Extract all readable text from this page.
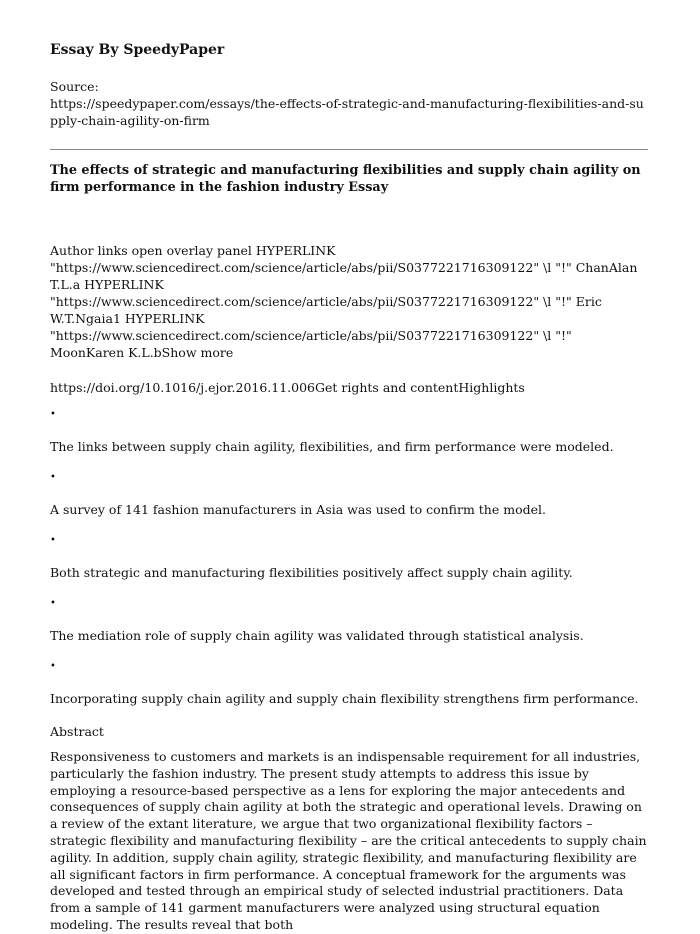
Essay By SpeedyPaper

Source:

https://speedypaper.com/essays/the-effects-of-strategic-and-manufacturing-flexibilities-and-supply-chain-agility-on-firm

The effects of strategic and manufacturing flexibilities and supply chain agility on firm performance in the fashion industry Essay

Author links open overlay panel HYPERLINK "https://www.sciencedirect.com/science/article/abs/pii/S0377221716309122" \l "!" ChanAlan T.L.a HYPERLINK "https://www.sciencedirect.com/science/article/abs/pii/S0377221716309122" \l "!" Eric W.T.Ngaia1 HYPERLINK "https://www.sciencedirect.com/science/article/abs/pii/S0377221716309122" \l "!" MoonKaren K.L.bShow more

https://doi.org/10.1016/j.ejor.2016.11.006Get rights and contentHighlights

•

The links between supply chain agility, flexibilities, and firm performance were modeled.

•

A survey of 141 fashion manufacturers in Asia was used to confirm the model.

•

Both strategic and manufacturing flexibilities positively affect supply chain agility.

•

The mediation role of supply chain agility was validated through statistical analysis.

•

Incorporating supply chain agility and supply chain flexibility strengthens firm performance.

Abstract

Responsiveness to customers and markets is an indispensable requirement for all industries, particularly the fashion industry. The present study attempts to address this issue by employing a resource-based perspective as a lens for exploring the major antecedents and consequences of supply chain agility at both the strategic and operational levels. Drawing on a review of the extant literature, we argue that two organizational flexibility factors – strategic flexibility and manufacturing flexibility – are the critical antecedents to supply chain agility. In addition, supply chain agility, strategic flexibility, and manufacturing flexibility are all significant factors in firm performance. A conceptual framework for the arguments was developed and tested through an empirical study of selected industrial practitioners. Data from a sample of 141 garment manufacturers were analyzed using structural equation modeling. The results reveal that both
